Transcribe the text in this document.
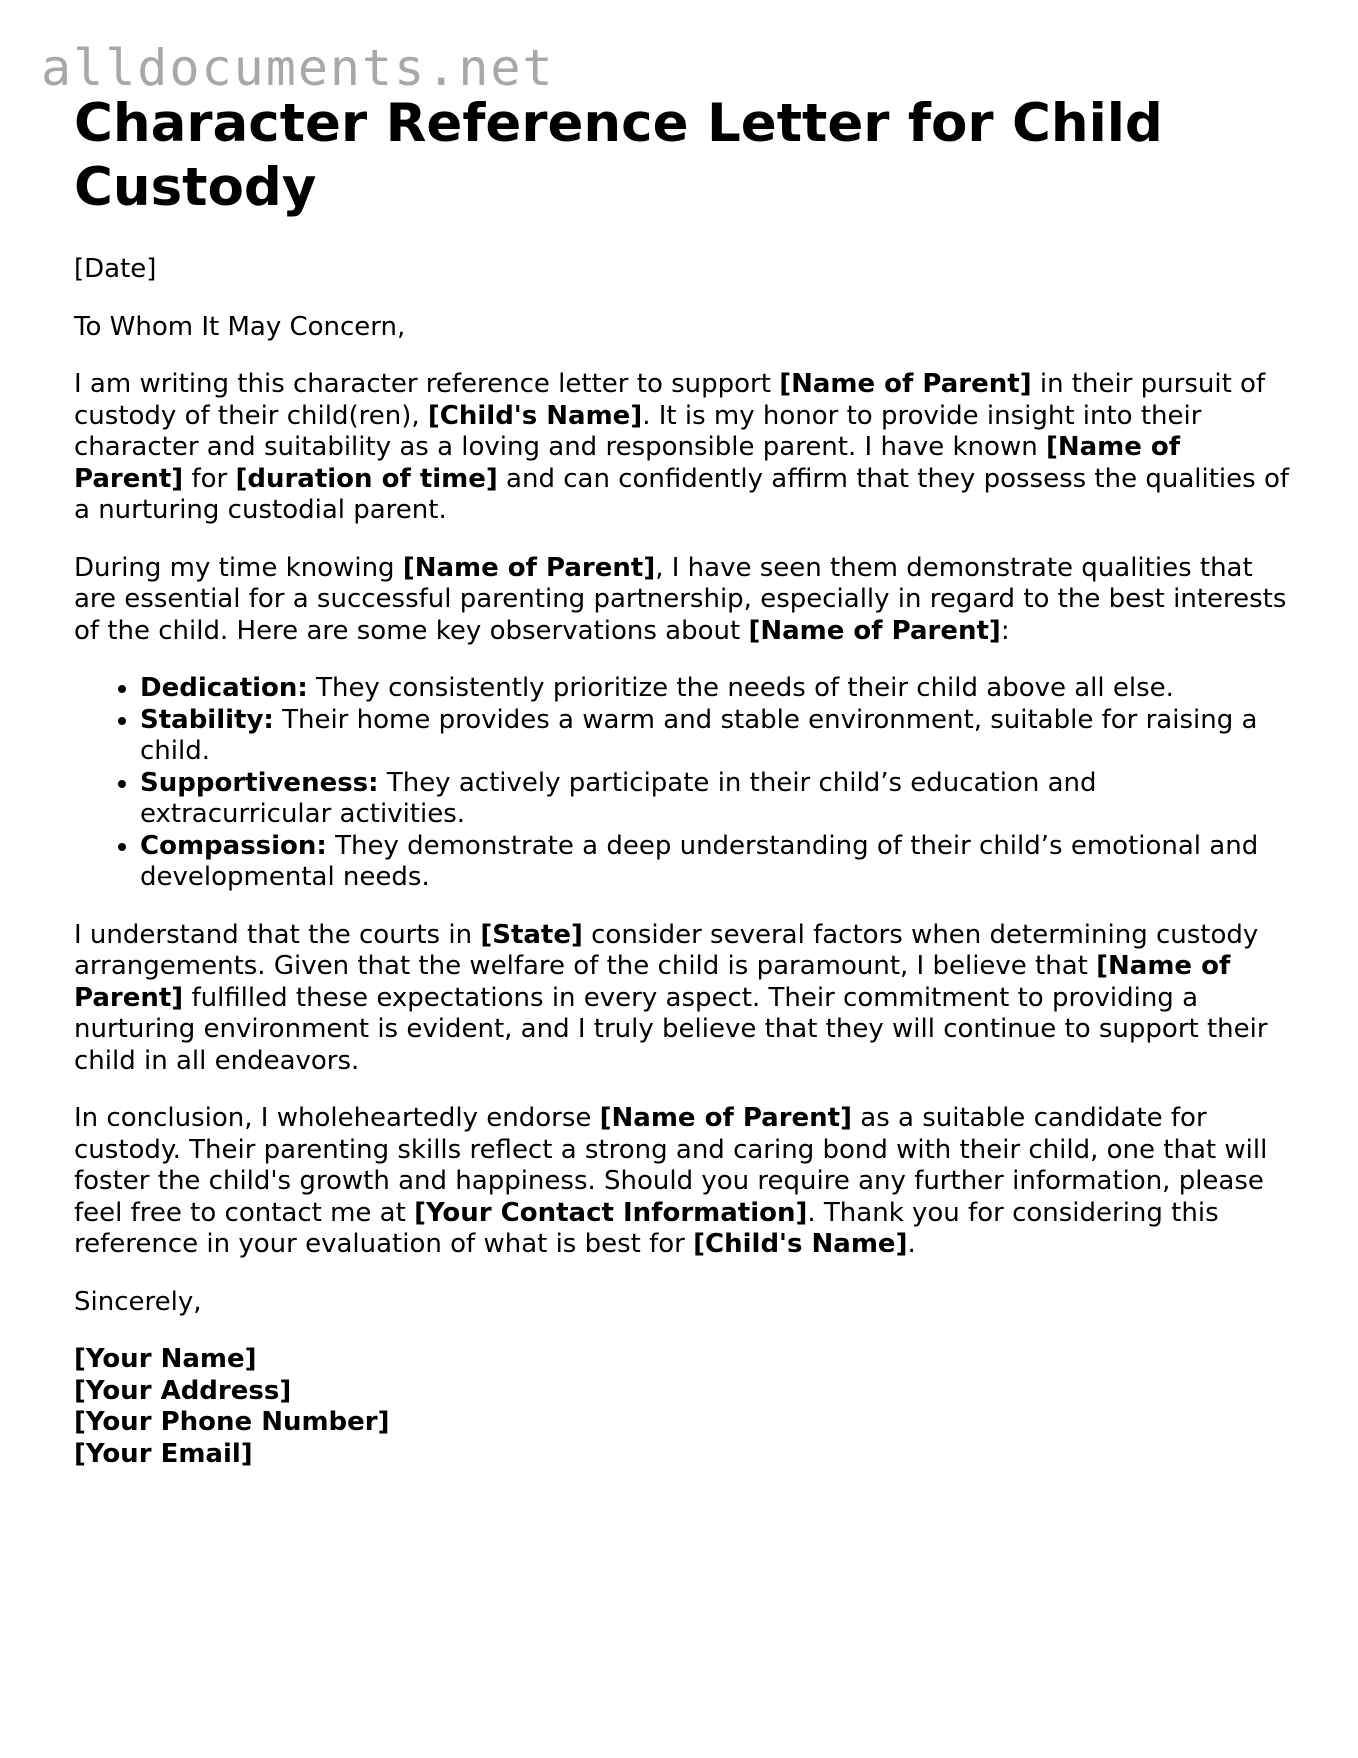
alldocuments.net
Character Reference Letter for Child Custody

[Date]

To Whom It May Concern,

I am writing this character reference letter to support [Name of Parent] in their pursuit of custody of their child(ren), [Child's Name]. It is my honor to provide insight into their character and suitability as a loving and responsible parent. I have known [Name of Parent] for [duration of time] and can confidently affirm that they possess the qualities of a nurturing custodial parent.

During my time knowing [Name of Parent], I have seen them demonstrate qualities that are essential for a successful parenting partnership, especially in regard to the best interests of the child. Here are some key observations about [Name of Parent]:

• Dedication: They consistently prioritize the needs of their child above all else.
• Stability: Their home provides a warm and stable environment, suitable for raising a child.
• Supportiveness: They actively participate in their child’s education and extracurricular activities.
• Compassion: They demonstrate a deep understanding of their child’s emotional and developmental needs.

I understand that the courts in [State] consider several factors when determining custody arrangements. Given that the welfare of the child is paramount, I believe that [Name of Parent] fulfilled these expectations in every aspect. Their commitment to providing a nurturing environment is evident, and I truly believe that they will continue to support their child in all endeavors.

In conclusion, I wholeheartedly endorse [Name of Parent] as a suitable candidate for custody. Their parenting skills reflect a strong and caring bond with their child, one that will foster the child's growth and happiness. Should you require any further information, please feel free to contact me at [Your Contact Information]. Thank you for considering this reference in your evaluation of what is best for [Child's Name].

Sincerely,

[Your Name]
[Your Address]
[Your Phone Number]
[Your Email]
